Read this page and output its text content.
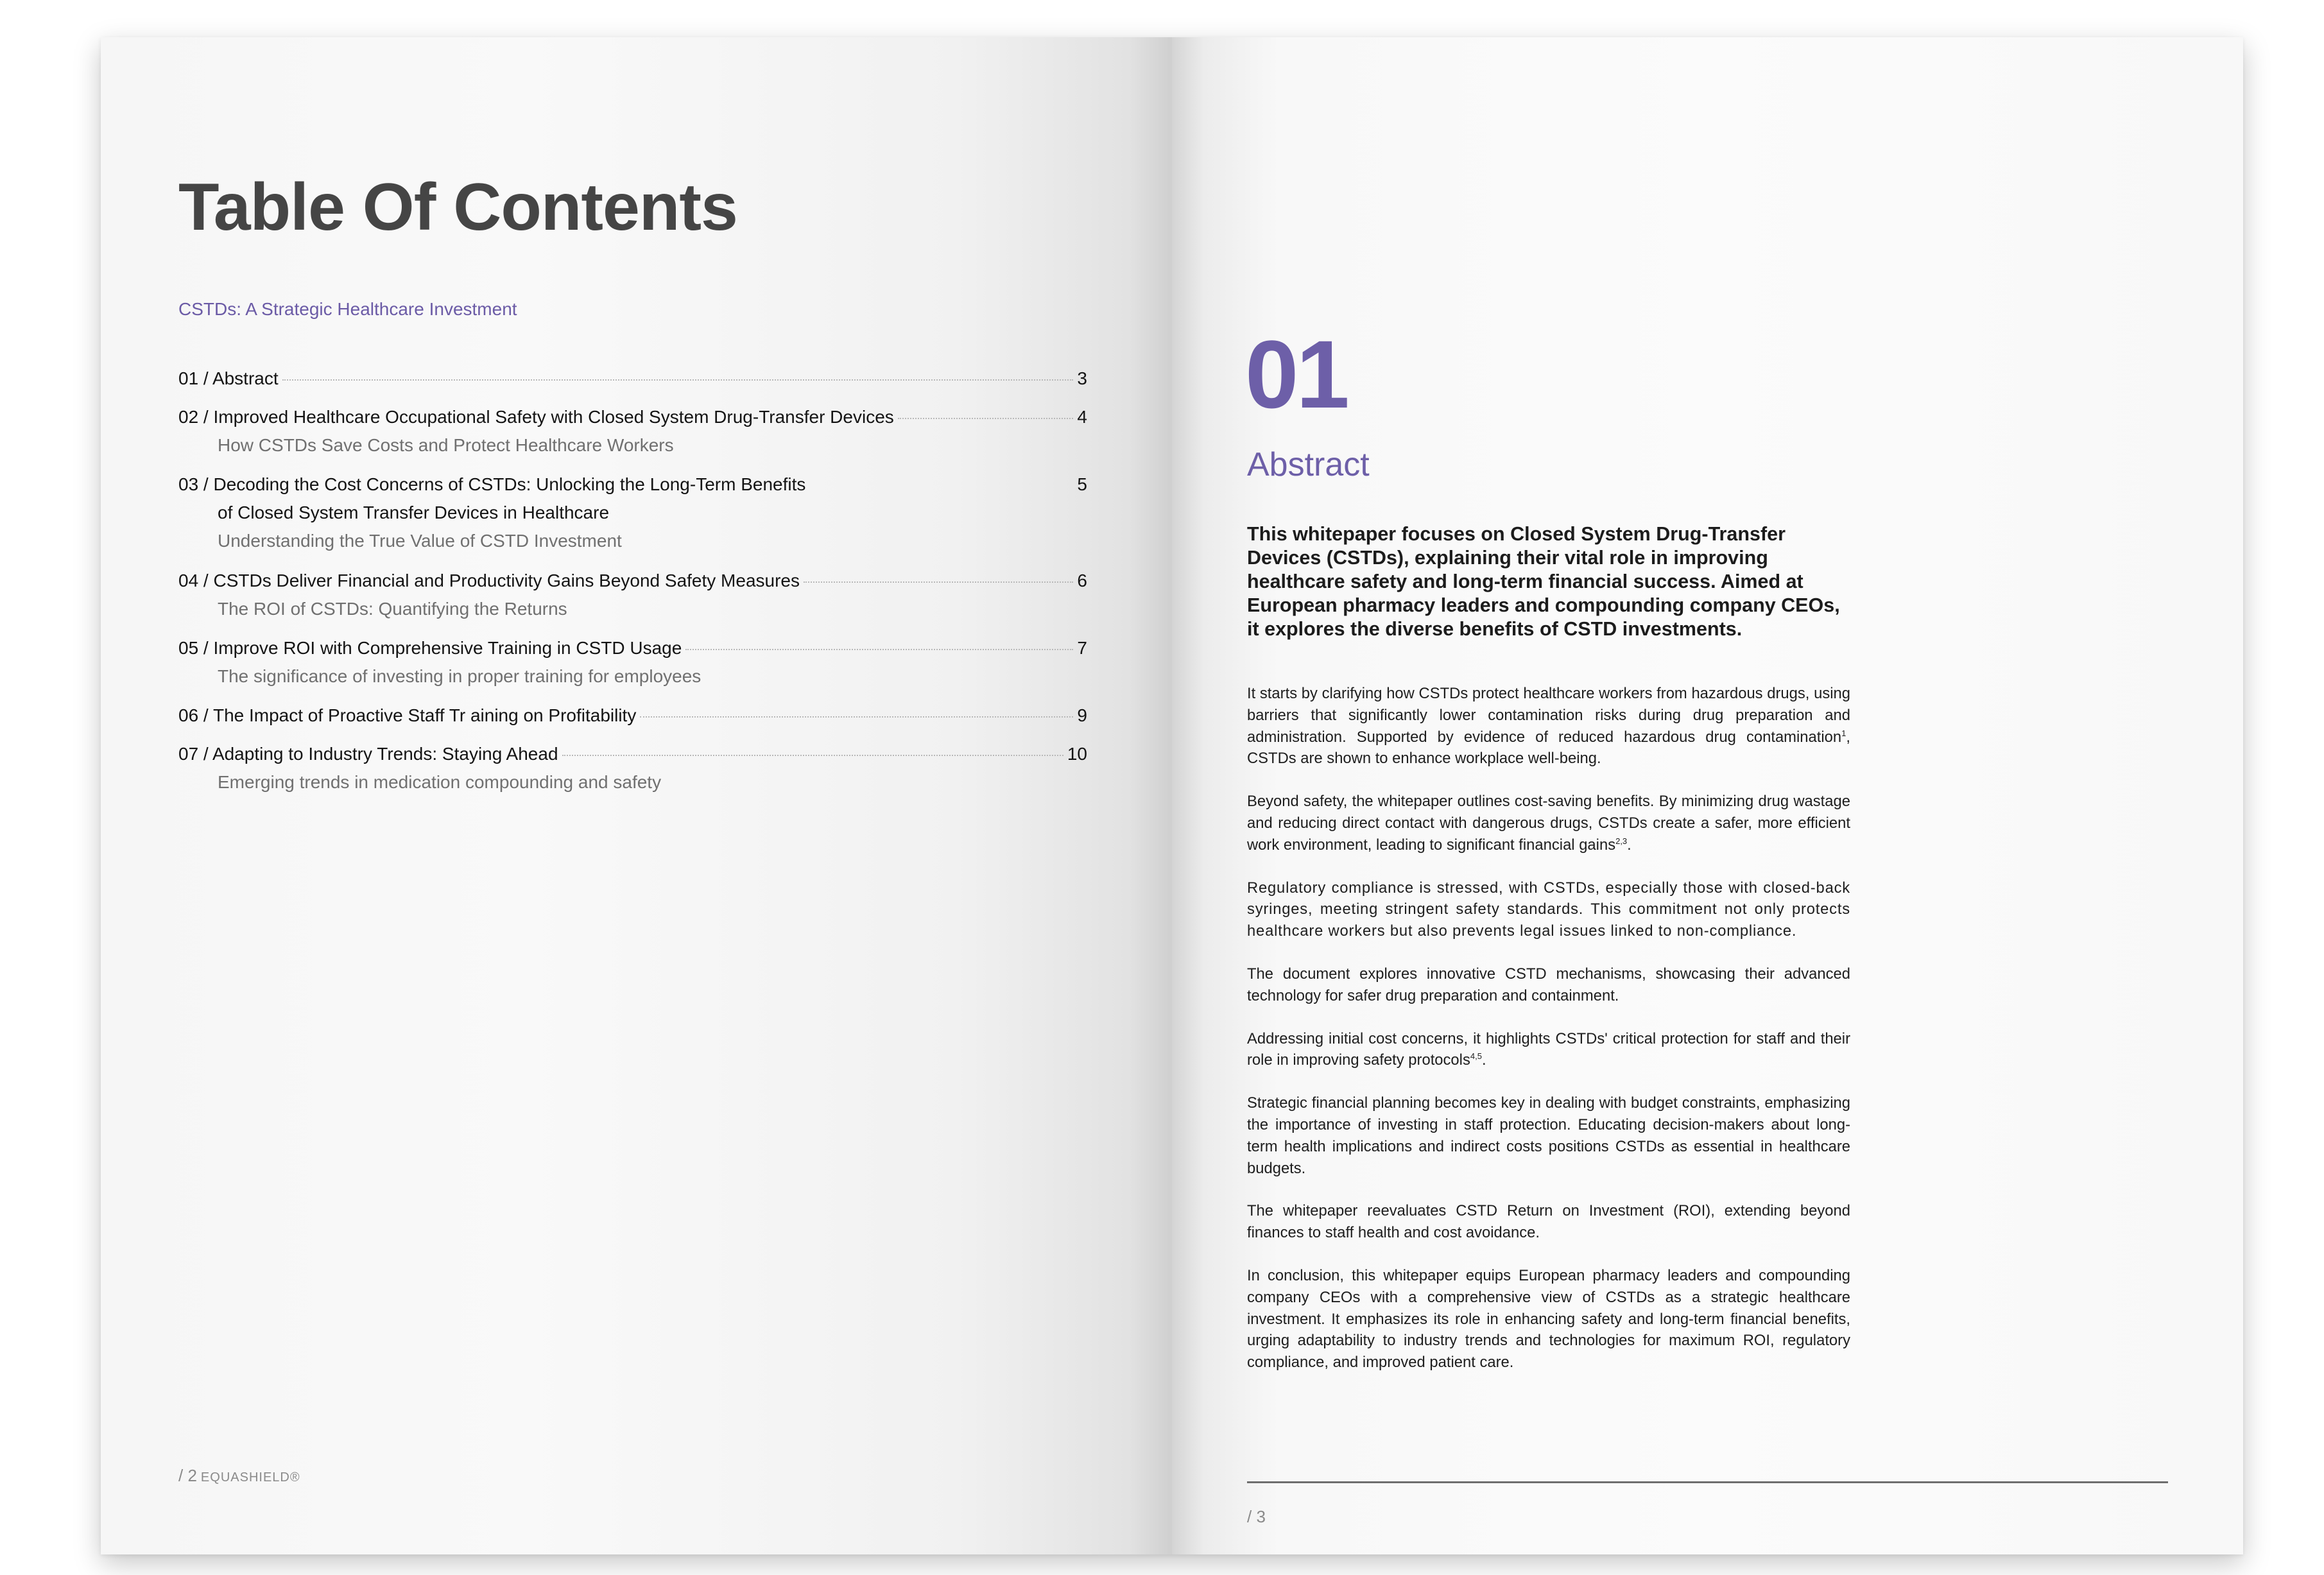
Table Of Contents
CSTDs: A Strategic Healthcare Investment
01 / Abstract	3
02 / Improved Healthcare Occupational Safety with Closed System Drug-Transfer Devices	4
How CSTDs Save Costs and Protect Healthcare Workers
03 / Decoding the Cost Concerns of CSTDs: Unlocking the Long-Term Benefits	5
of Closed System Transfer Devices in Healthcare
Understanding the True Value of CSTD Investment
04 / CSTDs Deliver Financial and Productivity Gains Beyond Safety Measures	6
The ROI of CSTDs: Quantifying the Returns
05 / Improve ROI with Comprehensive Training in CSTD Usage	7
The significance of investing in proper training for employees
06 / The Impact of Proactive Staff Tr aining on Profitability	9
07 / Adapting to Industry Trends: Staying Ahead	10
Emerging trends in medication compounding and safety
/ 2 EQUASHIELD®
01
Abstract

This whitepaper focuses on Closed System Drug-Transfer Devices (CSTDs), explaining their vital role in improving healthcare safety and long-term financial success. Aimed at European pharmacy leaders and compounding company CEOs, it explores the diverse benefits of CSTD investments.

It starts by clarifying how CSTDs protect healthcare workers from hazardous drugs, using barriers that significantly lower contamination risks during drug preparation and administration. Supported by evidence of reduced hazardous drug contamination$^1$, CSTDs are shown to enhance workplace well-being.

Beyond safety, the whitepaper outlines cost-saving benefits. By minimizing drug wastage and reducing direct contact with dangerous drugs, CSTDs create a safer, more efficient work environment, leading to significant financial gains$^{2,3}$.

Regulatory compliance is stressed, with CSTDs, especially those with closed-back syringes, meeting stringent safety standards. This commitment not only protects healthcare workers but also prevents legal issues linked to non-compliance.

The document explores innovative CSTD mechanisms, showcasing their advanced technology for safer drug preparation and containment.

Addressing initial cost concerns, it highlights CSTDs' critical protection for staff and their role in improving safety protocols$^{4,5}$.

Strategic financial planning becomes key in dealing with budget constraints, emphasizing the importance of investing in staff protection. Educating decision-makers about long-term health implications and indirect costs positions CSTDs as essential in healthcare budgets.

The whitepaper reevaluates CSTD Return on Investment (ROI), extending beyond finances to staff health and cost avoidance.

In conclusion, this whitepaper equips European pharmacy leaders and compounding company CEOs with a comprehensive view of CSTDs as a strategic healthcare investment. It emphasizes its role in enhancing safety and long-term financial benefits, urging adaptability to industry trends and technologies for maximum ROI, regulatory compliance, and improved patient care.

/ 3
